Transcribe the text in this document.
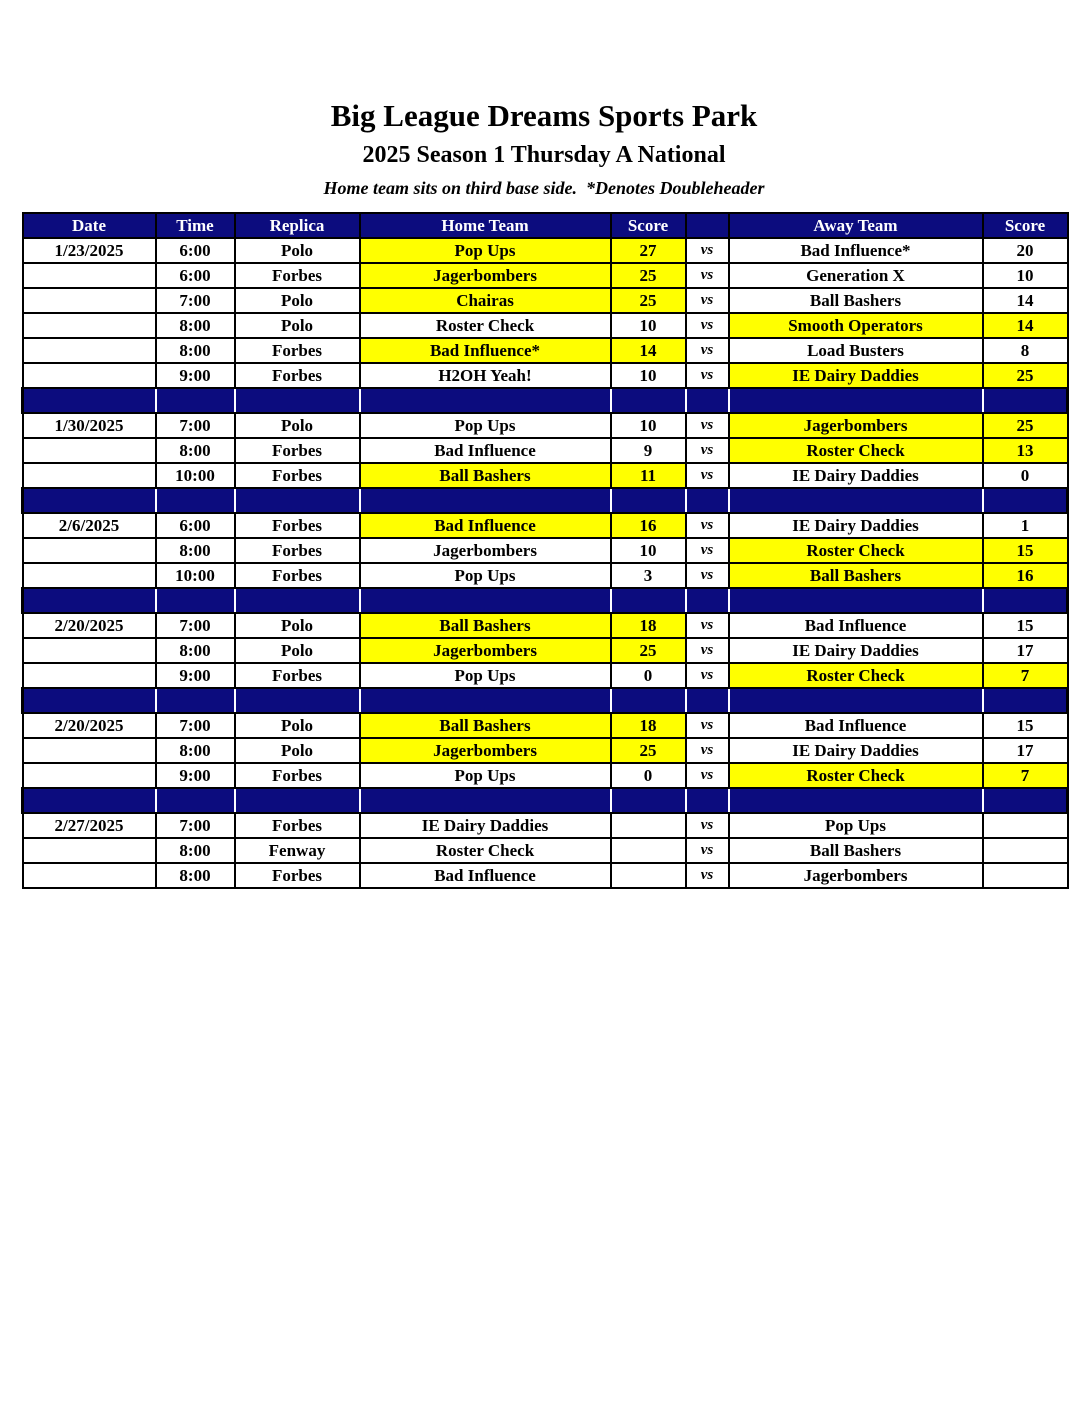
Big League Dreams Sports Park
2025 Season 1 Thursday A National
Home team sits on third base side.  *Denotes Doubleheader
Date	Time	Replica	Home Team	Score		Away Team	Score
1/23/2025	6:00	Polo	Pop Ups	27	vs	Bad Influence*	20
	6:00	Forbes	Jagerbombers	25	vs	Generation X	10
	7:00	Polo	Chairas	25	vs	Ball Bashers	14
	8:00	Polo	Roster Check	10	vs	Smooth Operators	14
	8:00	Forbes	Bad Influence*	14	vs	Load Busters	8
	9:00	Forbes	H2OH Yeah!	10	vs	IE Dairy Daddies	25

1/30/2025	7:00	Polo	Pop Ups	10	vs	Jagerbombers	25
	8:00	Forbes	Bad Influence	9	vs	Roster Check	13
	10:00	Forbes	Ball Bashers	11	vs	IE Dairy Daddies	0

2/6/2025	6:00	Forbes	Bad Influence	16	vs	IE Dairy Daddies	1
	8:00	Forbes	Jagerbombers	10	vs	Roster Check	15
	10:00	Forbes	Pop Ups	3	vs	Ball Bashers	16

2/20/2025	7:00	Polo	Ball Bashers	18	vs	Bad Influence	15
	8:00	Polo	Jagerbombers	25	vs	IE Dairy Daddies	17
	9:00	Forbes	Pop Ups	0	vs	Roster Check	7

2/20/2025	7:00	Polo	Ball Bashers	18	vs	Bad Influence	15
	8:00	Polo	Jagerbombers	25	vs	IE Dairy Daddies	17
	9:00	Forbes	Pop Ups	0	vs	Roster Check	7

2/27/2025	7:00	Forbes	IE Dairy Daddies		vs	Pop Ups	
	8:00	Fenway	Roster Check		vs	Ball Bashers	
	8:00	Forbes	Bad Influence		vs	Jagerbombers	
